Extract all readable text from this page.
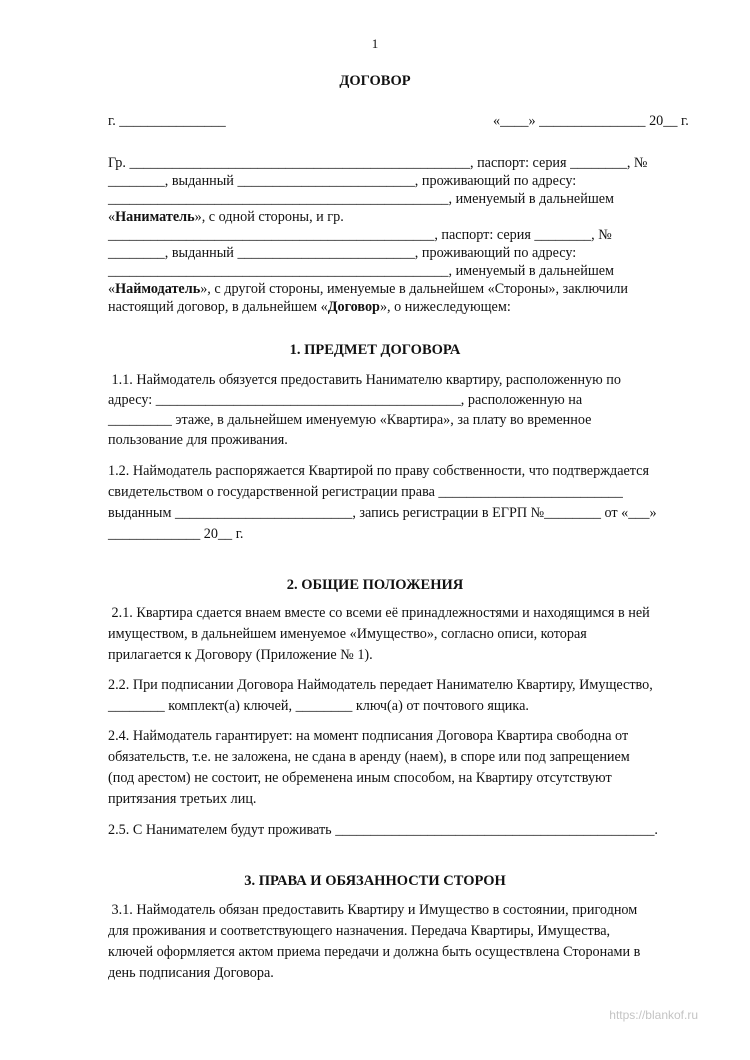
1
ДОГОВОР
г. _______________	«____» _______________ 20__ г.
Гр. ________________________________________________, паспорт: серия ________, №
________, выданный _________________________, проживающий по адресу:
________________________________________________, именуемый в дальнейшем
«Наниматель», с одной стороны, и гр.
______________________________________________, паспорт: серия ________, №
________, выданный _________________________, проживающий по адресу:
________________________________________________, именуемый в дальнейшем
«Наймодатель», с другой стороны, именуемые в дальнейшем «Стороны», заключили
настоящий договор, в дальнейшем «Договор», о нижеследующем:
1. ПРЕДМЕТ ДОГОВОРА
1.1. Наймодатель обязуется предоставить Нанимателю квартиру, расположенную по
адресу: ___________________________________________, расположенную на
_________ этаже, в дальнейшем именуемую «Квартира», за плату во временное
пользование для проживания.
1.2. Наймодатель распоряжается Квартирой по праву собственности, что подтверждается
свидетельством о государственной регистрации права __________________________
выданным _________________________, запись регистрации в ЕГРП №________ от «___»
_____________ 20__ г.
2. ОБЩИЕ ПОЛОЖЕНИЯ
2.1. Квартира сдается внаем вместе со всеми её принадлежностями и находящимся в ней
имуществом, в дальнейшем именуемое «Имущество», согласно описи, которая
прилагается к Договору (Приложение № 1).
2.2. При подписании Договора Наймодатель передает Нанимателю Квартиру, Имущество,
________ комплект(а) ключей, ________ ключ(а) от почтового ящика.
2.4. Наймодатель гарантирует: на момент подписания Договора Квартира свободна от
обязательств, т.е. не заложена, не сдана в аренду (наем), в споре или под запрещением
(под арестом) не состоит, не обременена иным способом, на Квартиру отсутствуют
притязания третьих лиц.
2.5. С Нанимателем будут проживать _____________________________________________.
3. ПРАВА И ОБЯЗАННОСТИ СТОРОН
3.1. Наймодатель обязан предоставить Квартиру и Имущество в состоянии, пригодном
для проживания и соответствующего назначения. Передача Квартиры, Имущества,
ключей оформляется актом приема передачи и должна быть осуществлена Сторонами в
день подписания Договора.
https://blankof.ru
